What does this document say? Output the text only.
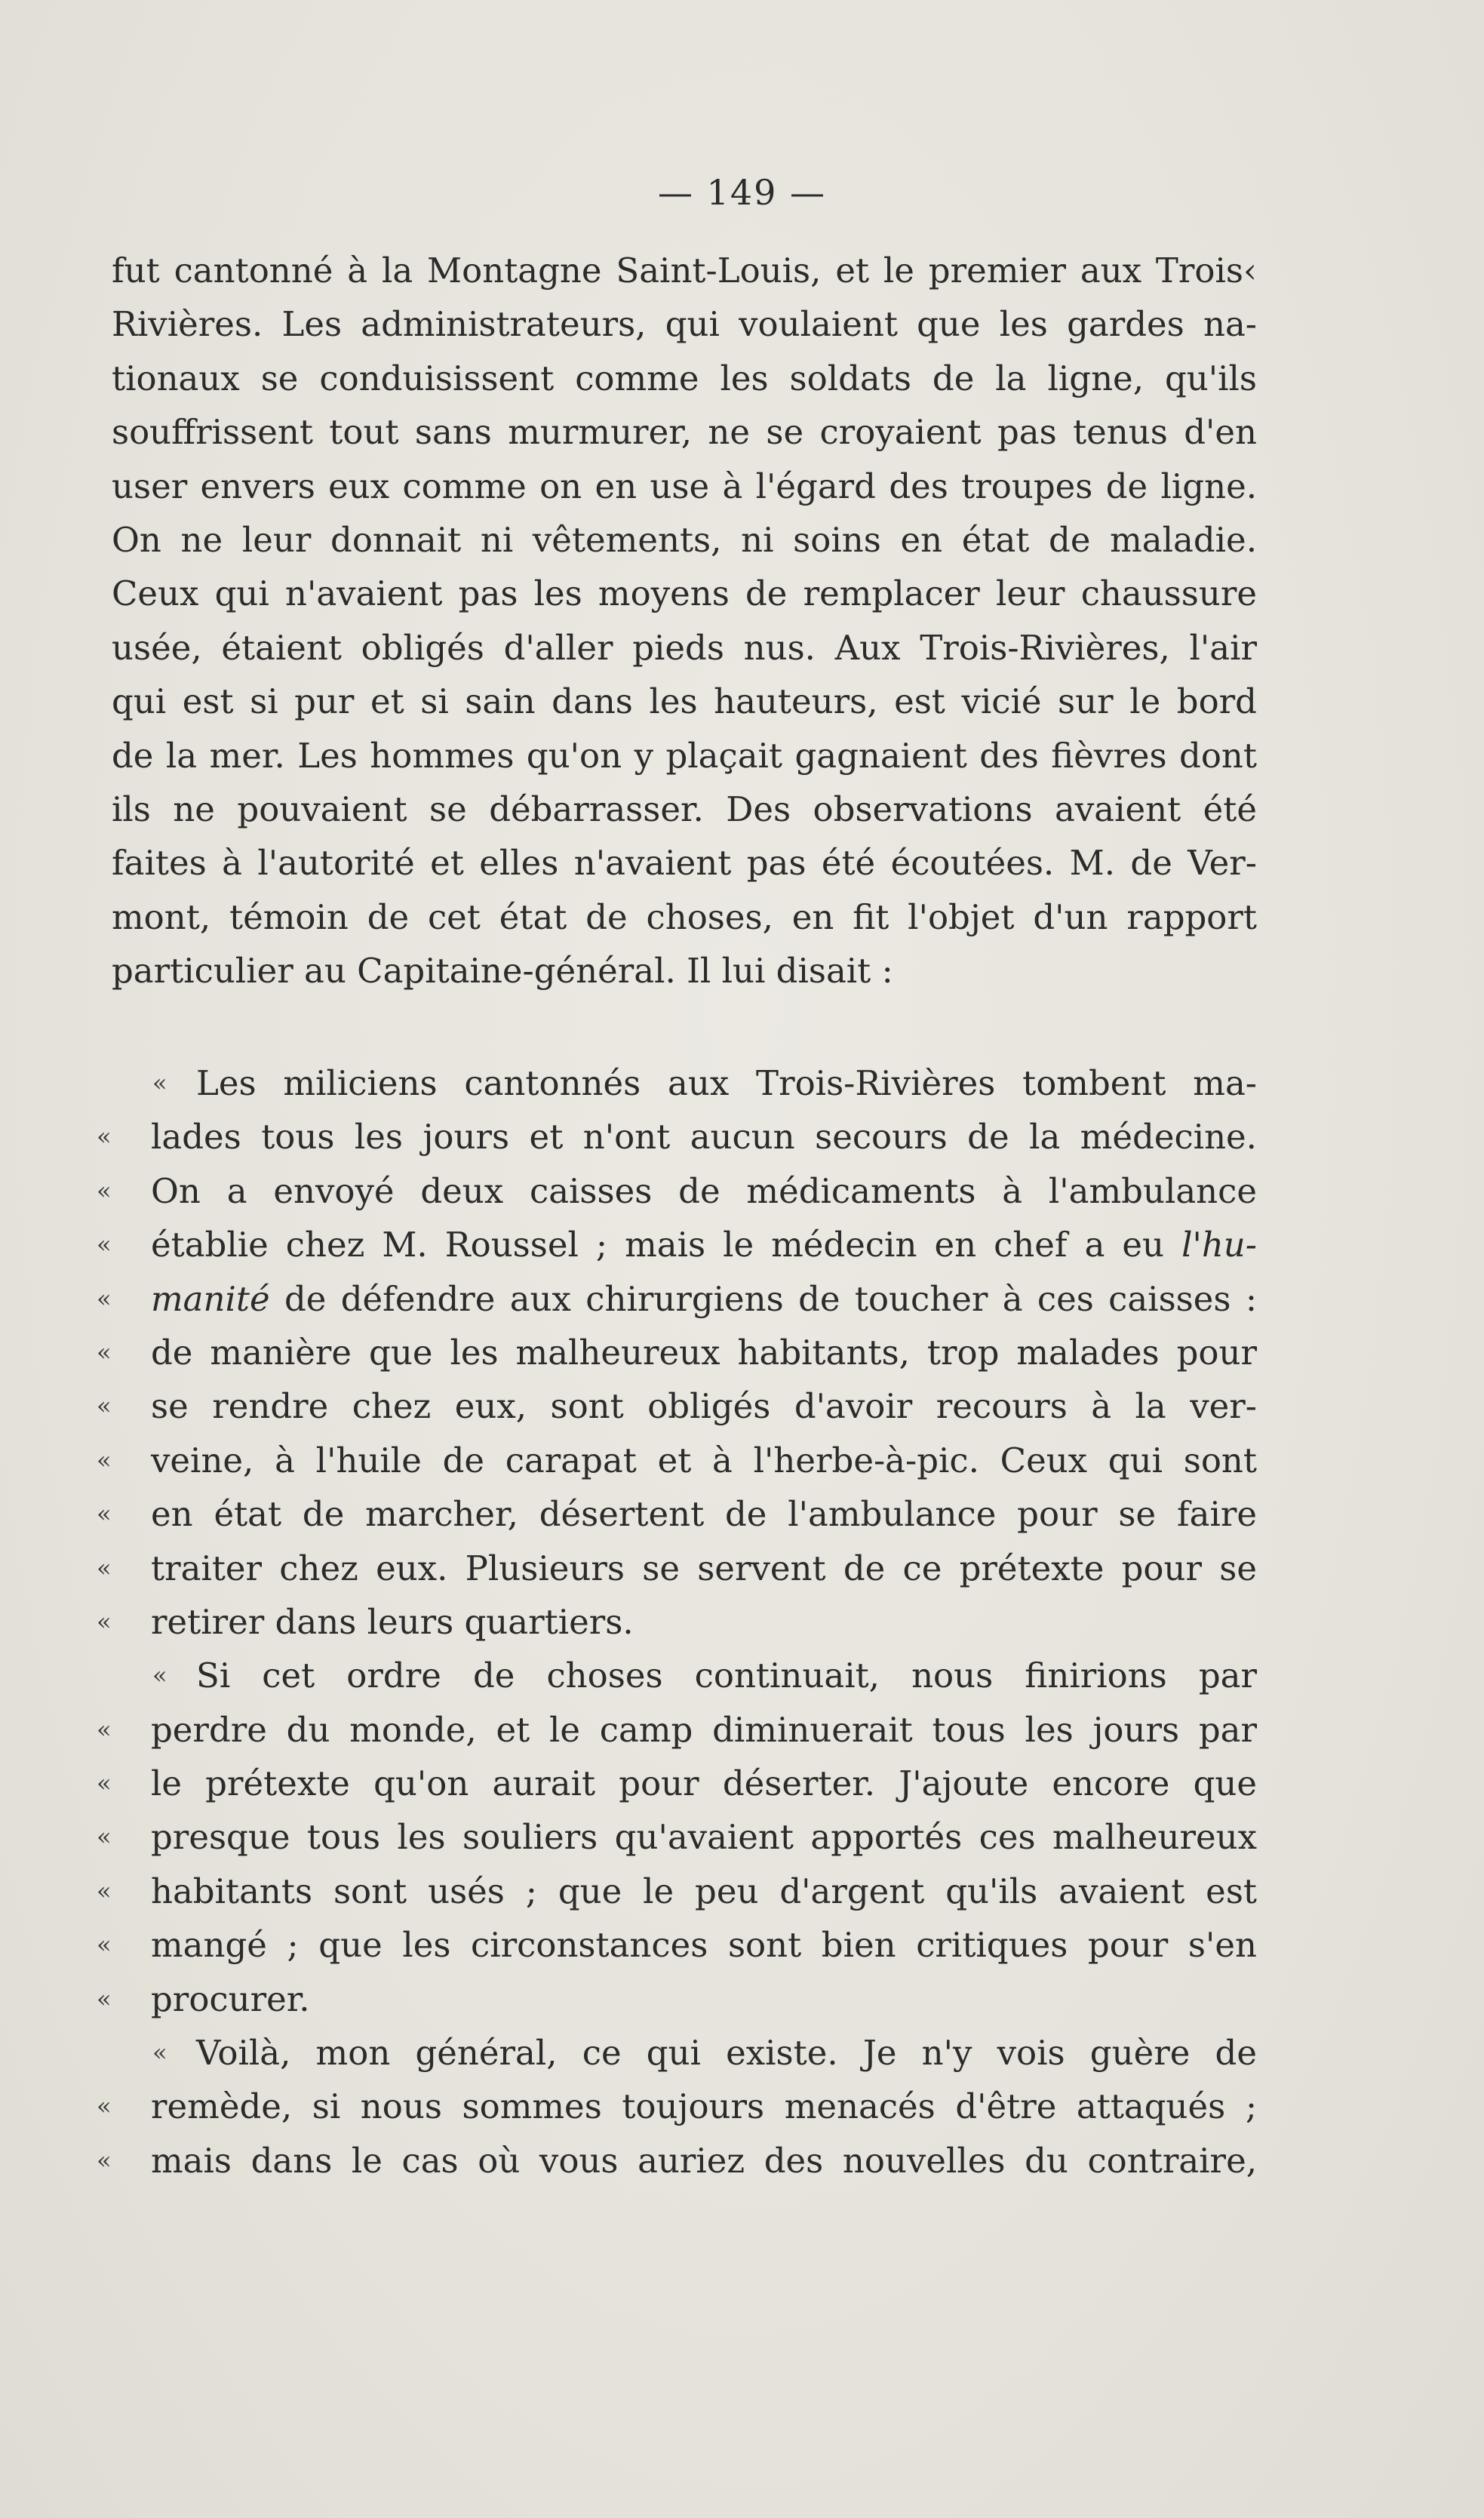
— 149 —
fut cantonné à la Montagne Saint-Louis, et le premier aux Trois‹
Rivières. Les administrateurs, qui voulaient que les gardes na-
tionaux se conduisissent comme les soldats de la ligne, qu'ils
souffrissent tout sans murmurer, ne se croyaient pas tenus d'en
user envers eux comme on en use à l'égard des troupes de ligne.
On ne leur donnait ni vêtements, ni soins en état de maladie.
Ceux qui n'avaient pas les moyens de remplacer leur chaussure
usée, étaient obligés d'aller pieds nus. Aux Trois-Rivières, l'air
qui est si pur et si sain dans les hauteurs, est vicié sur le bord
de la mer. Les hommes qu'on y plaçait gagnaient des fièvres dont
ils ne pouvaient se débarrasser. Des observations avaient été
faites à l'autorité et elles n'avaient pas été écoutées. M. de Ver-
mont, témoin de cet état de choses, en fit l'objet d'un rapport
particulier au Capitaine-général. Il lui disait :
« Les miliciens cantonnés aux Trois-Rivières tombent ma-
« lades tous les jours et n'ont aucun secours de la médecine.
« On a envoyé deux caisses de médicaments à l'ambulance
« établie chez M. Roussel ; mais le médecin en chef a eu l'hu-
« manité de défendre aux chirurgiens de toucher à ces caisses :
« de manière que les malheureux habitants, trop malades pour
« se rendre chez eux, sont obligés d'avoir recours à la ver-
« veine, à l'huile de carapat et à l'herbe-à-pic. Ceux qui sont
« en état de marcher, désertent de l'ambulance pour se faire
« traiter chez eux. Plusieurs se servent de ce prétexte pour se
« retirer dans leurs quartiers.
« Si cet ordre de choses continuait, nous finirions par
« perdre du monde, et le camp diminuerait tous les jours par
« le prétexte qu'on aurait pour déserter. J'ajoute encore que
« presque tous les souliers qu'avaient apportés ces malheureux
« habitants sont usés ; que le peu d'argent qu'ils avaient est
« mangé ; que les circonstances sont bien critiques pour s'en
« procurer.
« Voilà, mon général, ce qui existe. Je n'y vois guère de
« remède, si nous sommes toujours menacés d'être attaqués ;
« mais dans le cas où vous auriez des nouvelles du contraire,
